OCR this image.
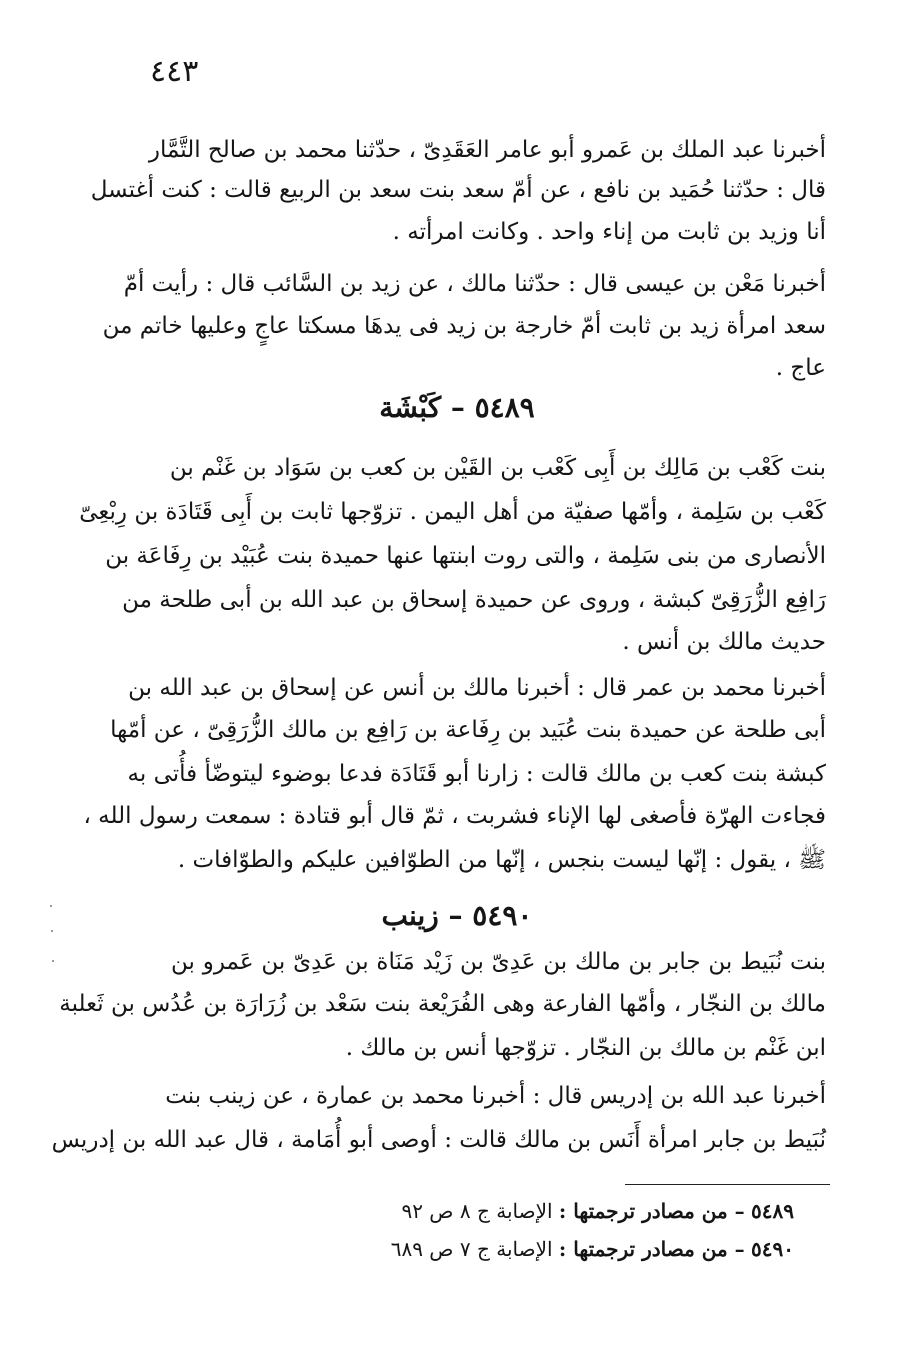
٤٤٣
أخبرنا عبد الملك بن عَمرو أبو عامر العَقَدِىّ ، حدّثنا محمد بن صالح التَّمَّار
قال : حدّثنا حُمَيد بن نافع ، عن أمّ سعد بنت سعد بن الربيع قالت : كنت أغتسل
أنا وزيد بن ثابت من إناء واحد . وكانت امرأته .
أخبرنا مَعْن بن عيسى قال : حدّثنا مالك ، عن زيد بن السَّائب قال : رأيت أمّ
سعد امرأة زيد بن ثابت أمّ خارجة بن زيد فى يدهَا مسكتا عاجٍ وعليها خاتم من
عاج .
٥٤٨٩ – كَبْشَة
بنت كَعْب بن مَالِك بن أَبِى كَعْب بن القَيْن بن كعب بن سَوَاد بن غَنْم بن
كَعْب بن سَلِمة ، وأمّها صفيّة من أهل اليمن . تزوّجها ثابت بن أَبِى قَتَادَة بن رِبْعِىّ
الأنصارى من بنى سَلِمة ، والتى روت ابنتها عنها حميدة بنت عُبَيْد بن رِفَاعَة بن
رَافِع الزُّرَقِىّ كبشة ، وروى عن حميدة إسحاق بن عبد الله بن أبى طلحة من
حديث مالك بن أنس .
أخبرنا محمد بن عمر قال : أخبرنا مالك بن أنس عن إسحاق بن عبد الله بن
أبى طلحة عن حميدة بنت عُبَيد بن رِفَاعة بن رَافِع بن مالك الزُّرَقِىّ ، عن أمّها
كبشة بنت كعب بن مالك قالت : زارنا أبو قَتَادَة فدعا بوضوء ليتوضّأ فأُتى به
فجاءت الهرّة فأصغى لها الإناء فشربت ، ثمّ قال أبو قتادة : سمعت رسول الله ،
ﷺ ، يقول : إنّها ليست بنجس ، إنّها من الطوّافين عليكم والطوّافات .
٥٤٩٠ – زينب
بنت نُبَيط بن جابر بن مالك بن عَدِىّ بن زَيْد مَنَاة بن عَدِىّ بن عَمرو بن
مالك بن النجّار ، وأمّها الفارعة وهى الفُرَيْعة بنت سَعْد بن زُرَارَة بن عُدُس بن ثَعلبة
ابن غَنْم بن مالك بن النجّار . تزوّجها أنس بن مالك .
أخبرنا عبد الله بن إدريس قال : أخبرنا محمد بن عمارة ، عن زينب بنت
نُبَيط بن جابر امرأة أَنَس بن مالك قالت : أوصى أبو أُمَامة ، قال عبد الله بن إدريس
٥٤٨٩ – من مصادر ترجمتها : الإصابة ج ٨ ص ٩٢
٥٤٩٠ – من مصادر ترجمتها : الإصابة ج ٧ ص ٦٨٩
